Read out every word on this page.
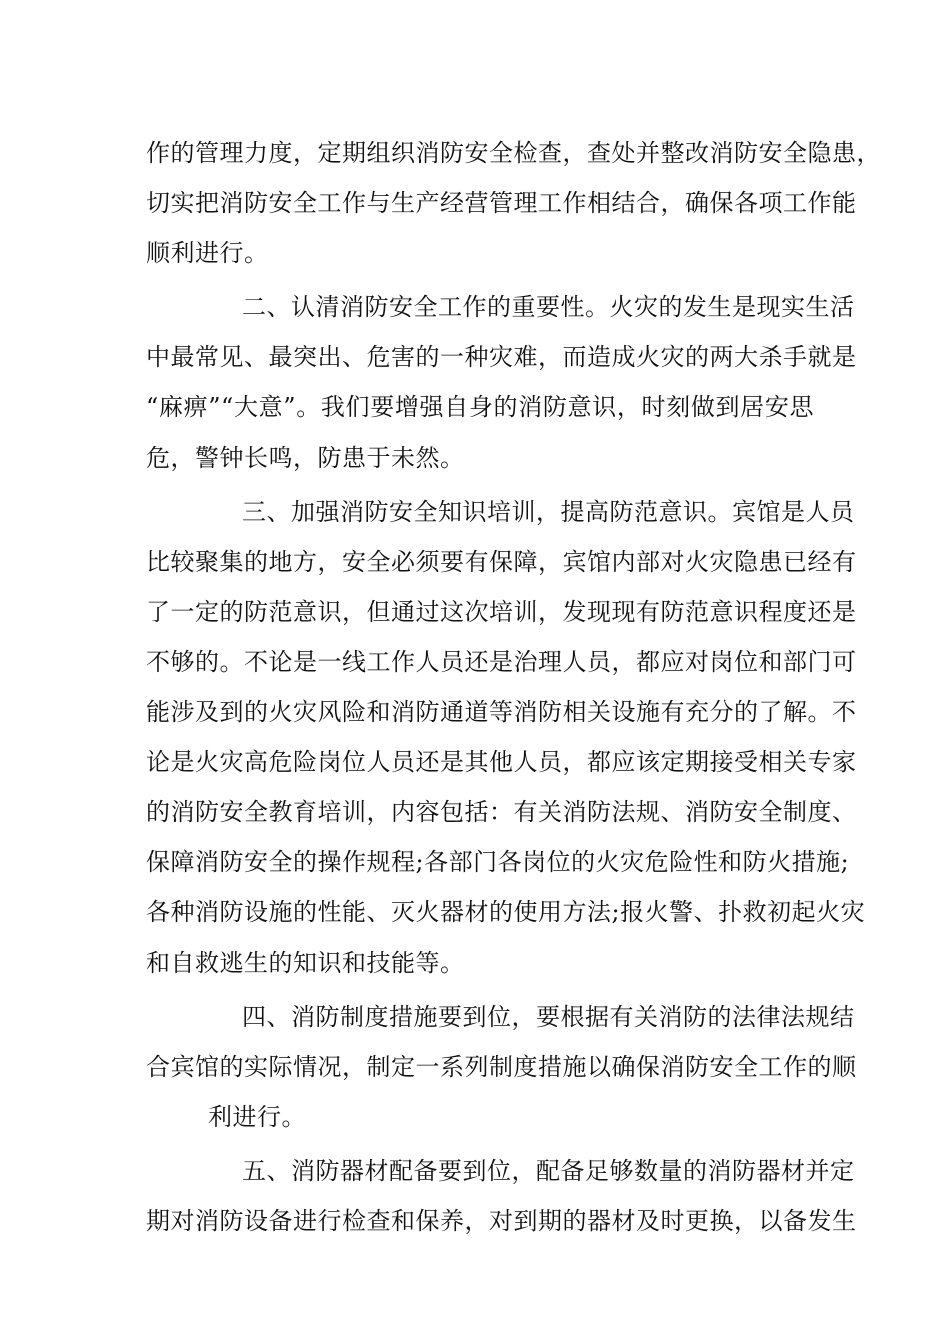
作的管理力度，定期组织消防安全检查，查处并整改消防安全隐患，
切实把消防安全工作与生产经营管理工作相结合，确保各项工作能
顺利进行。
二、认清消防安全工作的重要性。火灾的发生是现实生活
中最常见、最突出、危害的一种灾难，而造成火灾的两大杀手就是
“麻痹”“大意”。我们要增强自身的消防意识，时刻做到居安思
危，警钟长鸣，防患于未然。
三、加强消防安全知识培训，提高防范意识。宾馆是人员
比较聚集的地方，安全必须要有保障，宾馆内部对火灾隐患已经有
了一定的防范意识，但通过这次培训，发现现有防范意识程度还是
不够的。不论是一线工作人员还是治理人员，都应对岗位和部门可
能涉及到的火灾风险和消防通道等消防相关设施有充分的了解。不
论是火灾高危险岗位人员还是其他人员，都应该定期接受相关专家
的消防安全教育培训，内容包括：有关消防法规、消防安全制度、
保障消防安全的操作规程;各部门各岗位的火灾危险性和防火措施;
各种消防设施的性能、灭火器材的使用方法;报火警、扑救初起火灾
和自救逃生的知识和技能等。
四、消防制度措施要到位，要根据有关消防的法律法规结
合宾馆的实际情况，制定一系列制度措施以确保消防安全工作的顺
利进行。
五、消防器材配备要到位，配备足够数量的消防器材并定
期对消防设备进行检查和保养，对到期的器材及时更换，以备发生
